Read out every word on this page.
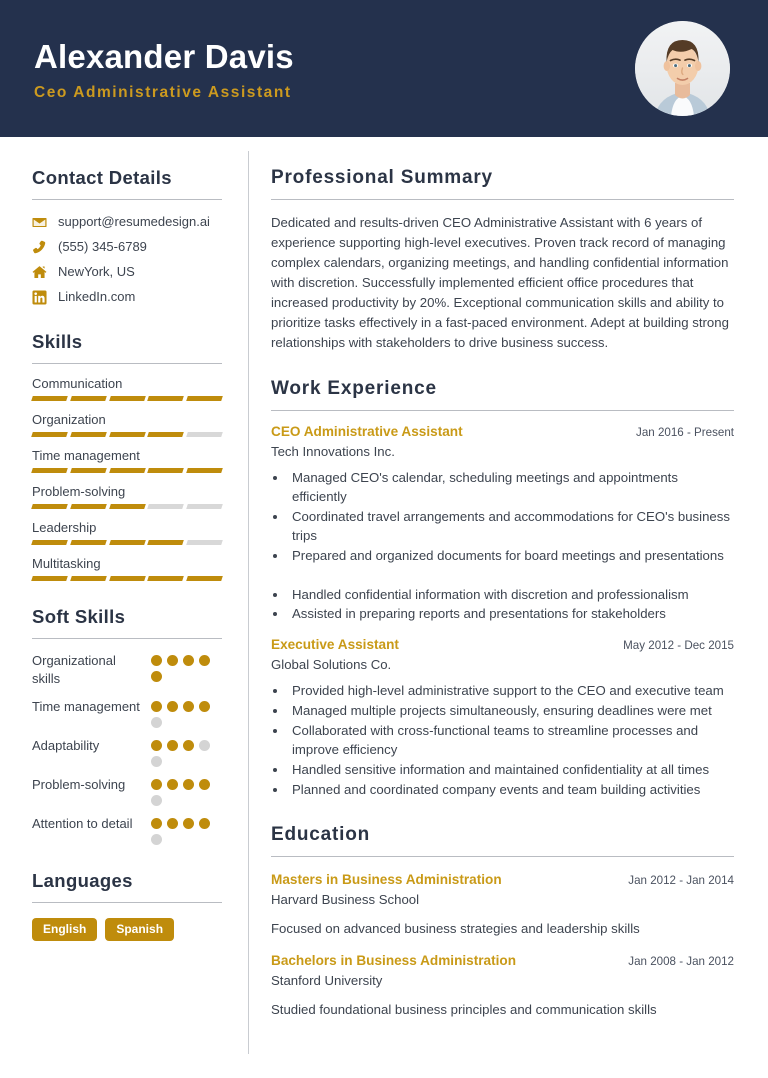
Alexander Davis
Ceo Administrative Assistant
Contact Details
support@resumedesign.ai
(555) 345-6789
NewYork, US
LinkedIn.com
Skills
Communication
Organization
Time management
Problem-solving
Leadership
Multitasking
Soft Skills
Organizational skills
Time management
Adaptability
Problem-solving
Attention to detail
Languages
English	Spanish
Professional Summary
Dedicated and results-driven CEO Administrative Assistant with 6 years of experience supporting high-level executives. Proven track record of managing complex calendars, organizing meetings, and handling confidential information with discretion. Successfully implemented efficient office procedures that increased productivity by 20%. Exceptional communication skills and ability to prioritize tasks effectively in a fast-paced environment. Adept at building strong relationships with stakeholders to drive business success.
Work Experience
CEO Administrative Assistant	Jan 2016 - Present
Tech Innovations Inc.
• Managed CEO's calendar, scheduling meetings and appointments efficiently
• Coordinated travel arrangements and accommodations for CEO's business trips
• Prepared and organized documents for board meetings and presentations
• Handled confidential information with discretion and professionalism
• Assisted in preparing reports and presentations for stakeholders
Executive Assistant	May 2012 - Dec 2015
Global Solutions Co.
• Provided high-level administrative support to the CEO and executive team
• Managed multiple projects simultaneously, ensuring deadlines were met
• Collaborated with cross-functional teams to streamline processes and improve efficiency
• Handled sensitive information and maintained confidentiality at all times
• Planned and coordinated company events and team building activities
Education
Masters in Business Administration	Jan 2012 - Jan 2014
Harvard Business School
Focused on advanced business strategies and leadership skills
Bachelors in Business Administration	Jan 2008 - Jan 2012
Stanford University
Studied foundational business principles and communication skills
